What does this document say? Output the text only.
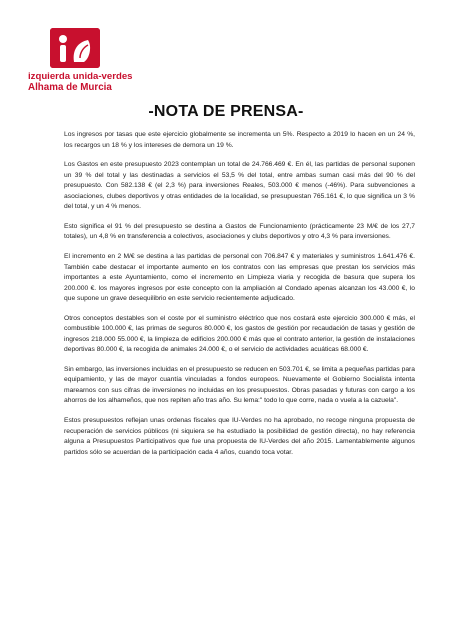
izquierda unida-verdes
Alhama de Murcia
-NOTA DE PRENSA-

Los ingresos por tasas que este ejercicio globalmente se incrementa un 5%. Respecto a 2019 lo hacen en un 24 %, los recargos un 18 % y los intereses de demora un 19 %.

Los Gastos en este presupuesto 2023 contemplan un total de 24.766.469 €. En él, las partidas de personal suponen un 39 % del total y las destinadas a servicios el 53,5 % del total, entre ambas suman casi más del 90 % del presupuesto. Con 582.138 € (el 2,3 %) para inversiones Reales, 503.000 € menos (-46%). Para subvenciones a asociaciones, clubes deportivos y otras entidades de la localidad, se presupuestan 765.161 €, lo que significa un 3 % del total, y un 4 % menos.

Esto significa el 91 % del presupuesto se destina a Gastos de Funcionamiento (prácticamente 23 M/€ de los 27,7 totales), un 4,8 % en transferencia a colectivos, asociaciones y clubs deportivos y otro 4,3 % para inversiones.

El incremento en 2 M/€ se destina a las partidas de personal con 706.847 € y materiales y suministros 1.641.476 €. También cabe destacar el importante aumento en los contratos con las empresas que prestan los servicios más importantes a este Ayuntamiento, como el incremento en Limpieza viaria y recogida de basura que supera los 200.000 €. los mayores ingresos por este concepto con la ampliación al Condado apenas alcanzan los 43.000 €, lo que supone un grave desequilibrio en este servicio recientemente adjudicado.

Otros conceptos destables son el coste por el suministro eléctrico que nos costará este ejercicio 300.000 € más, el combustible 100.000 €, las primas de seguros 80.000 €, los gastos de gestión por recaudación de tasas y gestión de ingresos 218.000 55.000 €, la limpieza de edificios 200.000 € más que el contrato anterior, la gestión de instalaciones deportivas 80.000 €, la recogida de animales 24.000 €, o el servicio de actividades acuáticas 68.000 €.

Sin embargo, las inversiones incluidas en el presupuesto se reducen en 503.701 €, se limita a pequeñas partidas para equipamiento, y las de mayor cuantía vinculadas a fondos europeos. Nuevamente el Gobierno Socialista intenta marearnos con sus cifras de inversiones no incluidas en los presupuestos. Obras pasadas y futuras con cargo a los ahorros de los alhameños, que nos repiten año tras año. Su lema:" todo lo que corre, nada o vuela a la cazuela".

Estos presupuestos reflejan unas ordenas fiscales que IU-Verdes no ha aprobado, no recoge ninguna propuesta de recuperación de servicios públicos (ni siquiera se ha estudiado la posibilidad de gestión directa), no hay referencia alguna a Presupuestos Participativos que fue una propuesta de IU-Verdes del año 2015. Lamentablemente algunos partidos sólo se acuerdan de la participación cada 4 años, cuando toca votar.
